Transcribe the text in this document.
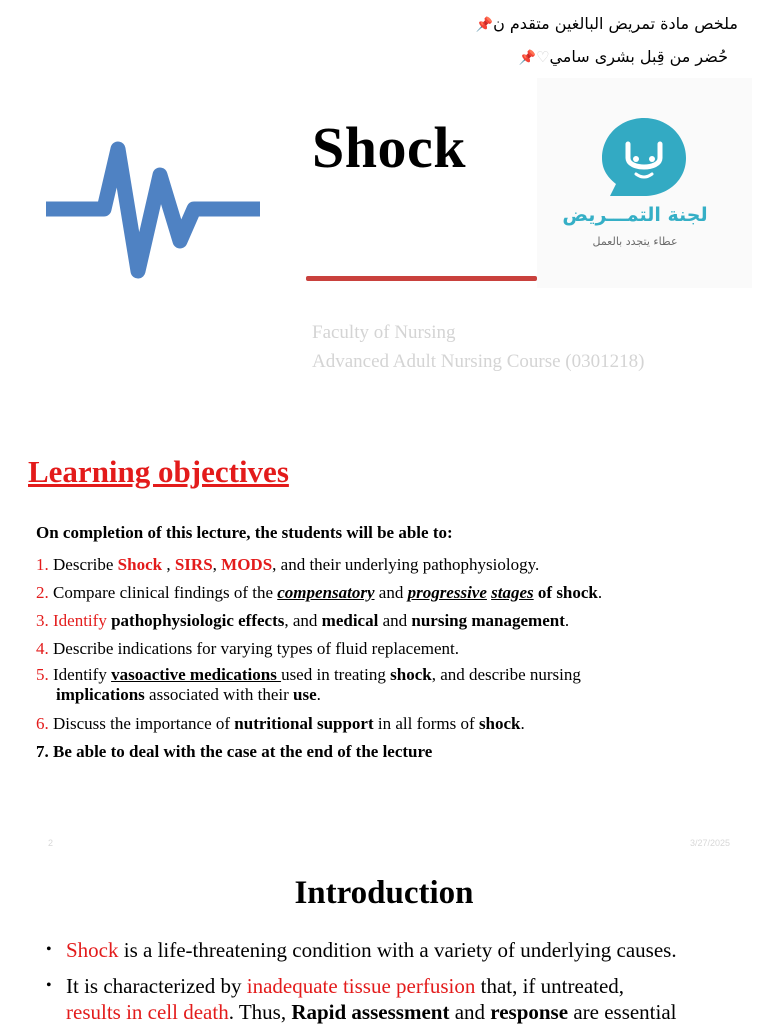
ملخص مادة تمريض البالغين متقدم ن📌
حُضر من قِبل بشرى سامي♡📌
Shock
لجنة التمـــريض
عطاء يتجدد بالعمل
Faculty of Nursing
Advanced Adult Nursing Course (0301218)
Learning objectives
On completion of this lecture, the students will be able to:
1. Describe Shock , SIRS, MODS, and their underlying pathophysiology.
2. Compare clinical findings of the compensatory and progressive stages of shock.
3. Identify pathophysiologic effects, and medical and nursing management.
4. Describe indications for varying types of fluid replacement.
5. Identify vasoactive medications used in treating shock, and describe nursing
implications associated with their use.
6. Discuss the importance of nutritional support in all forms of shock.
7. Be able to deal with the case at the end of the lecture
2	3/27/2025
Introduction
• Shock is a life-threatening condition with a variety of underlying causes.
• It is characterized by inadequate tissue perfusion that, if untreated,
results in cell death. Thus, Rapid assessment and response are essential
